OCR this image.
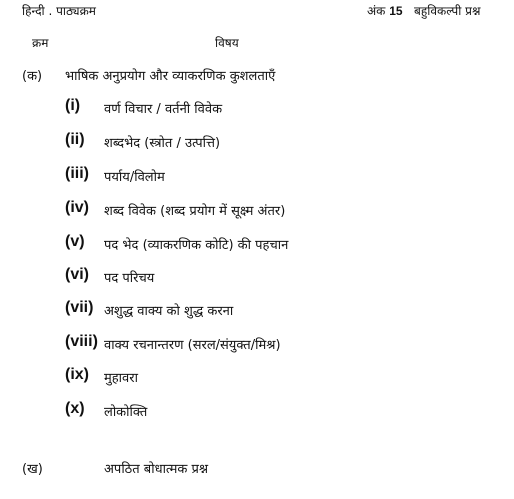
हिन्दी . पाठ्यक्रम	अंक 15 बहुविकल्पी प्रश्न
क्रम	विषय
(क) भाषिक अनुप्रयोग और व्याकरणिक कुशलताएँ
(i) वर्ण विचार / वर्तनी विवेक
(ii) शब्दभेद (स्त्रोत / उत्पत्ति)
(iii) पर्याय/विलोम
(iv) शब्द विवेक (शब्द प्रयोग में सूक्ष्म अंतर)
(v) पद भेद (व्याकरणिक कोटि) की पहचान
(vi) पद परिचय
(vii) अशुद्ध वाक्य को शुद्ध करना
(viii) वाक्य रचनान्तरण (सरल/संयुक्त/मिश्र)
(ix) मुहावरा
(x) लोकोक्ति
(ख)	अपठित बोधात्मक प्रश्न
